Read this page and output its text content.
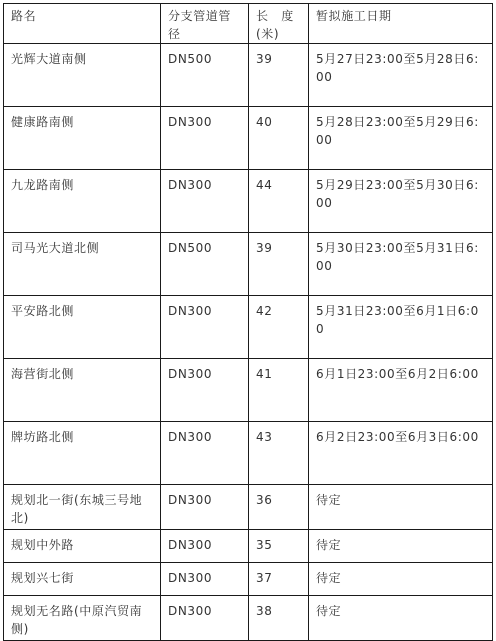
路名	分支管道管径	长　度(米)	暂拟施工日期
光辉大道南侧	DN500	39	5月27日23:00至5月28日6:00
健康路南侧	DN300	40	5月28日23:00至5月29日6:00
九龙路南侧	DN300	44	5月29日23:00至5月30日6:00
司马光大道北侧	DN500	39	5月30日23:00至5月31日6:00
平安路北侧	DN300	42	5月31日23:00至6月1日6:00
海营街北侧	DN300	41	6月1日23:00至6月2日6:00
牌坊路北侧	DN300	43	6月2日23:00至6月3日6:00
规划北一街(东城三号地北)	DN300	36	待定
规划中外路	DN300	35	待定
规划兴七街	DN300	37	待定
规划无名路(中原汽贸南侧)	DN300	38	待定
